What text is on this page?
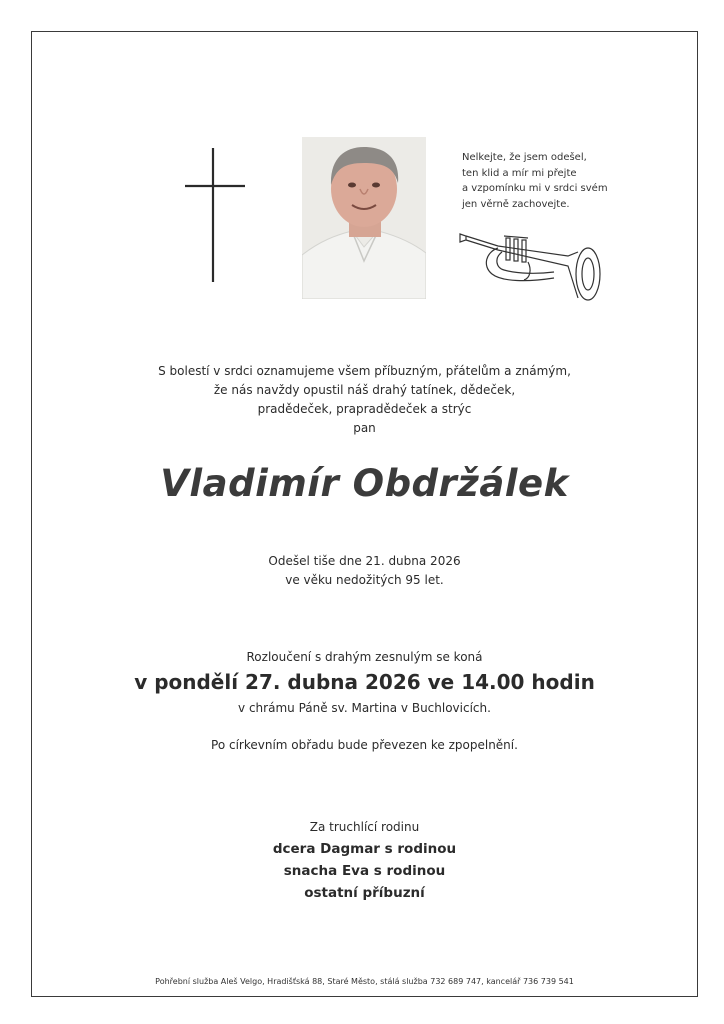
Nelkejte, že jsem odešel,
ten klid a mír mi přejte
a vzpomínku mi v srdci svém
jen věrně zachovejte.
S bolestí v srdci oznamujeme všem příbuzným, přátelům a známým,
že nás navždy opustil náš drahý tatínek, dědeček,
pradědeček, prapradědeček a strýc
pan
Vladimír Obdržálek
Odešel tiše dne 21. dubna 2026
ve věku nedožitých 95 let.
Rozloučení s drahým zesnulým se koná
v pondělí 27. dubna 2026 ve 14.00 hodin
v chrámu Páně sv. Martina v Buchlovicích.
Po církevním obřadu bude převezen ke zpopelnění.
Za truchlící rodinu
dcera Dagmar s rodinou
snacha Eva s rodinou
ostatní příbuzní
Pohřební služba Aleš Velgo, Hradišťská 88, Staré Město, stálá služba 732 689 747, kancelář 736 739 541
